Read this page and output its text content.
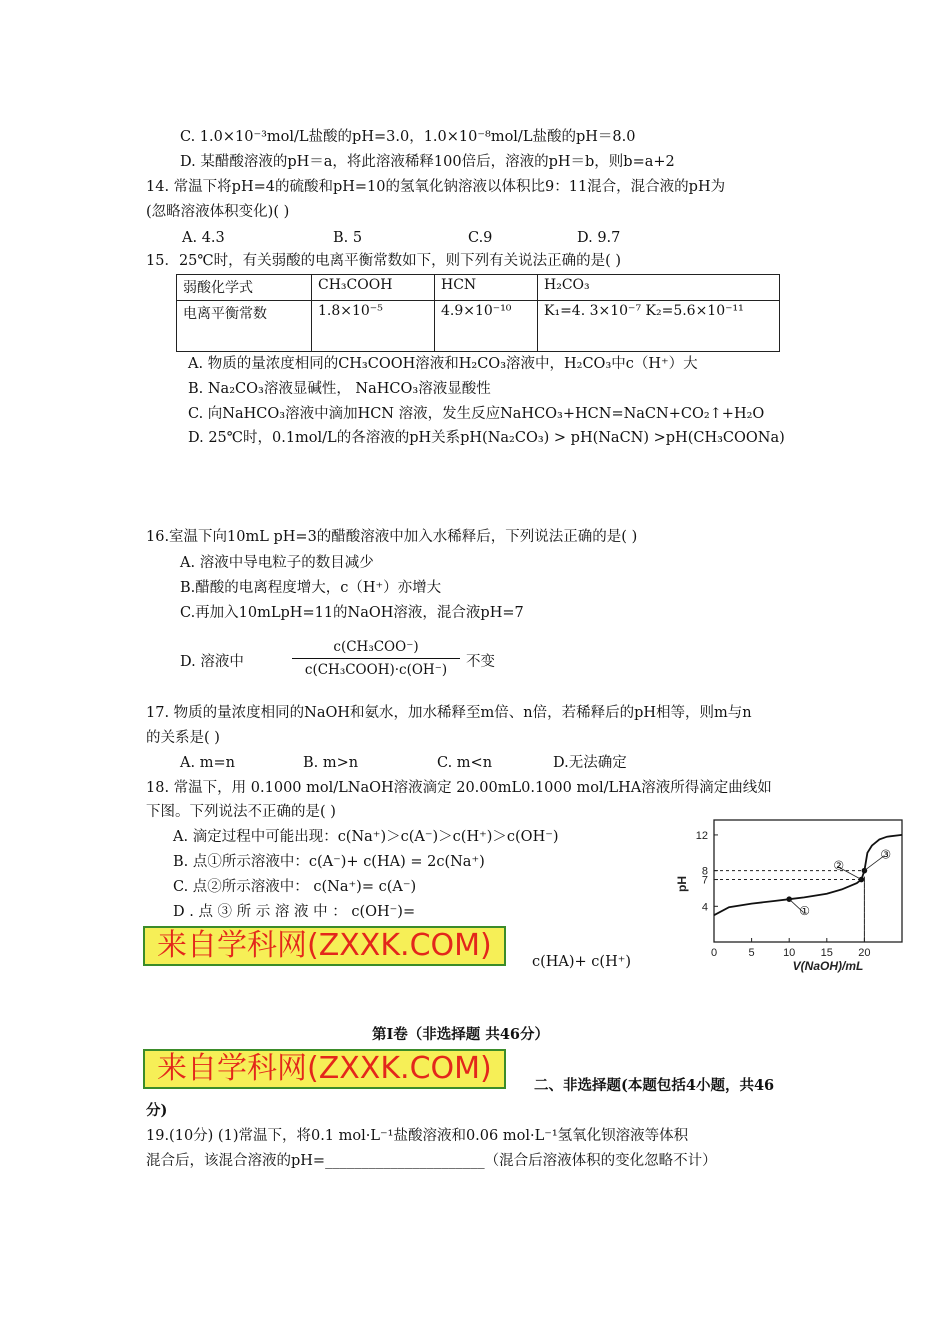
C. 1.0×10⁻³mol/L盐酸的pH=3.0，1.0×10⁻⁸mol/L盐酸的pH＝8.0
D. 某醋酸溶液的pH＝a，将此溶液稀释100倍后，溶液的pH＝b，则b=a+2
14. 常温下将pH=4的硫酸和pH=10的氢氧化钠溶液以体积比9：11混合，混合液的pH为
(忽略溶液体积变化)( )
A. 4.3	B. 5	C.9	D. 9.7
15．25℃时，有关弱酸的电离平衡常数如下，则下列有关说法正确的是( )
弱酸化学式	CH₃COOH	HCN	H₂CO₃
电离平衡常数	1.8×10⁻⁵	4.9×10⁻¹⁰	K₁=4. 3×10⁻⁷ K₂=5.6×10⁻¹¹
A. 物质的量浓度相同的CH₃COOH溶液和H₂CO₃溶液中，H₂CO₃中c（H⁺）大
B. Na₂CO₃溶液显碱性， NaHCO₃溶液显酸性
C. 向NaHCO₃溶液中滴加HCN 溶液，发生反应NaHCO₃+HCN=NaCN+CO₂↑+H₂O
D. 25℃时，0.1mol/L的各溶液的pH关系pH(Na₂CO₃) > pH(NaCN) >pH(CH₃COONa)
16.室温下向10mL pH=3的醋酸溶液中加入水稀释后，下列说法正确的是( )
A. 溶液中导电粒子的数目减少
B.醋酸的电离程度增大，c（H⁺）亦增大
C.再加入10mLpH=11的NaOH溶液，混合液pH=7
D. 溶液中
c(CH₃COO⁻)
c(CH₃COOH)·c(OH⁻)	不变
17. 物质的量浓度相同的NaOH和氨水，加水稀释至m倍、n倍，若稀释后的pH相等，则m与n
的关系是( )
A. m=n	B. m>n	C. m<n	D.无法确定
18. 常温下，用 0.1000 mol/LNaOH溶液滴定 20.00mL0.1000 mol/LHA溶液所得滴定曲线如
下图。下列说法不正确的是( )
A. 滴定过程中可能出现：c(Na⁺)＞c(A⁻)＞c(H⁺)＞c(OH⁻)
B. 点①所示溶液中：c(A⁻)+ c(HA) = 2c(Na⁺)
C. 点②所示溶液中： c(Na⁺)= c(A⁻)
D . 点 ③ 所 示 溶 液 中 ： c(OH⁻)=
来自学科网(ZXXK.COM)	c(HA)+ c(H⁺)
4
7
8
12
0	5	10 15 20
pH
V(NaOH)/mL
①
②
③
第Ⅰ卷（非选择题 共46分）
来自学科网(ZXXK.COM)	二、非选择题(本题包括4小题，共46
分)
19.(10分) (1)常温下，将0.1 mol·L⁻¹盐酸溶液和0.06 mol·L⁻¹氢氧化钡溶液等体积
混合后，该混合溶液的pH=______________________（混合后溶液体积的变化忽略不计）
